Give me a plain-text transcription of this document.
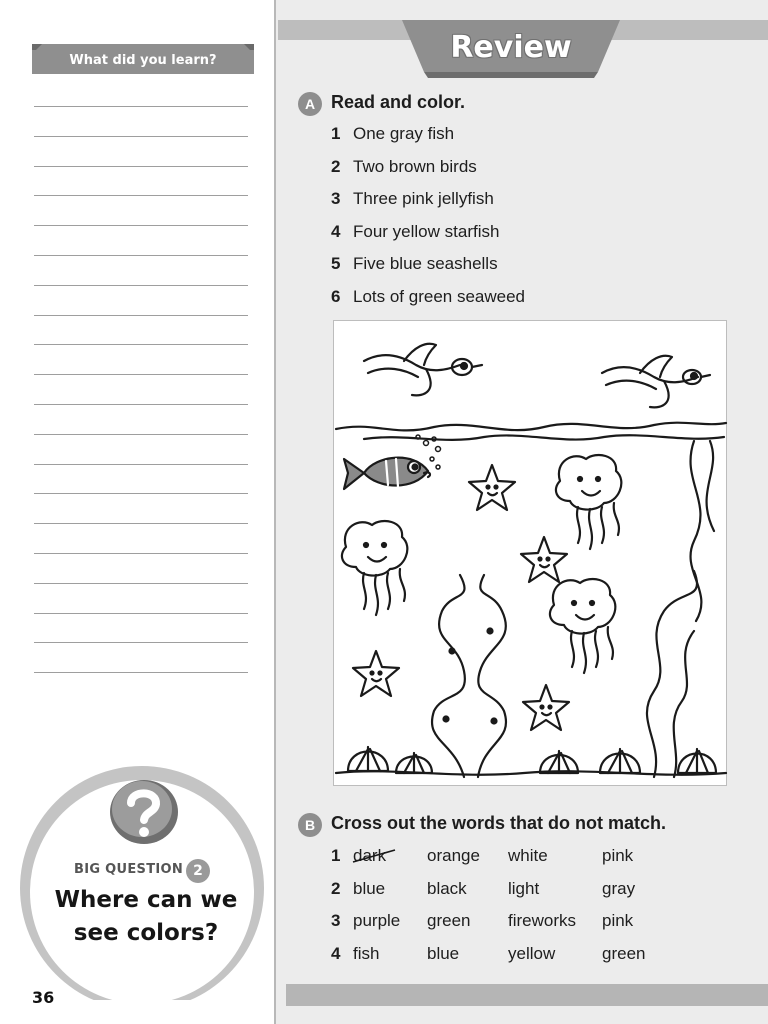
What did you learn?
BIG QUESTION 2
Where can we
see colors?
36
Review
A Read and color.
1 One gray fish
2 Two brown birds
3 Three pink jellyfish
4 Four yellow starfish
5 Five blue seashells
6 Lots of green seaweed
B Cross out the words that do not match.
1	dark	orange	white	pink
2	blue	black	light	gray
3	purple	green	fireworks	pink
4	fish	blue	yellow	green
